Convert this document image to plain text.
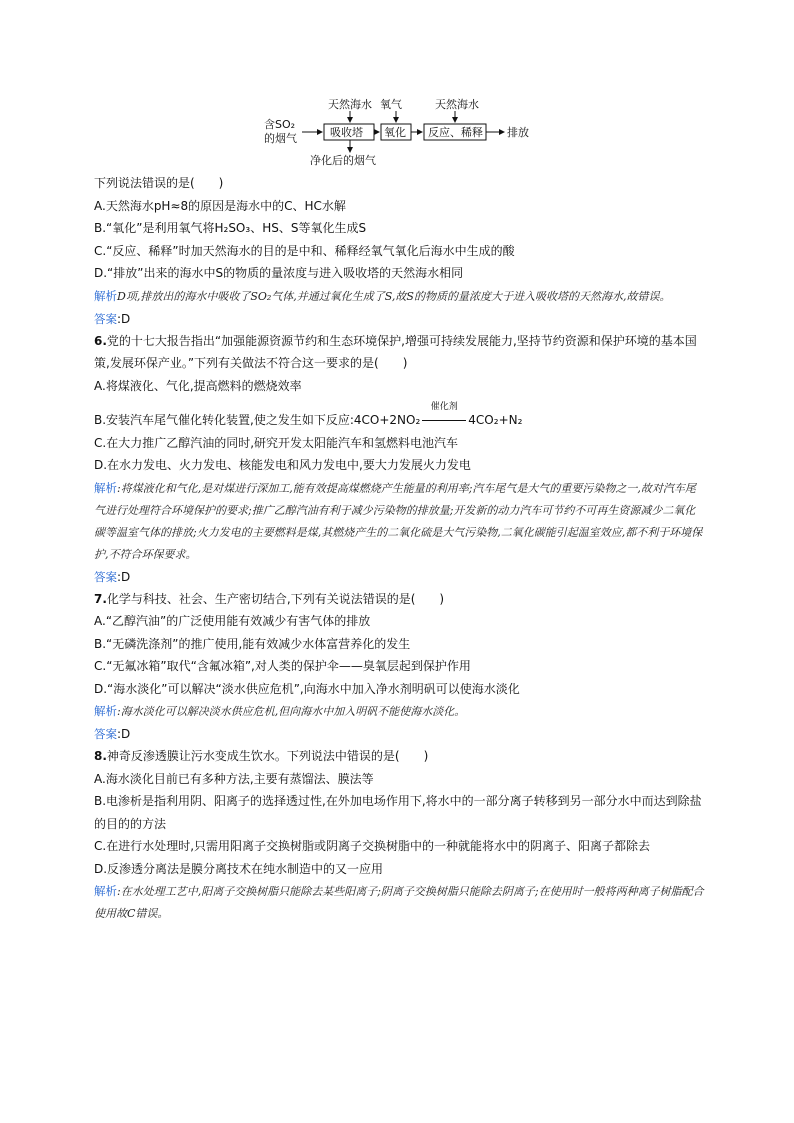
天然海水 氧气	天然海水
含SO₂
的烟气	吸收塔
净化后的烟气
氧化 反应、稀释 排放
下列说法错误的是(　　)
A.天然海水pH≈8的原因是海水中的C、HC水解
B.“氧化”是利用氧气将H₂SO₃、HS、S等氧化生成S
C.“反应、稀释”时加天然海水的目的是中和、稀释经氧气氧化后海水中生成的酸
D.“排放”出来的海水中S的物质的量浓度与进入吸收塔的天然海水相同
解析D项,排放出的海水中吸收了SO₂气体,并通过氧化生成了S,故S的物质的量浓度大于进入吸收塔的天然海水,故错误。
答案:D
6.党的十七大报告指出“加强能源资源节约和生态环境保护,增强可持续发展能力,坚持节约资源和保护环境的基本国策,发展环保产业。”下列有关做法不符合这一要求的是(　　)
A.将煤液化、气化,提高燃料的燃烧效率
B.安装汽车尾气催化转化装置,使之发生如下反应:4CO+2NO₂
催化剂
4CO₂+N₂
C.在大力推广乙醇汽油的同时,研究开发太阳能汽车和氢燃料电池汽车
D.在水力发电、火力发电、核能发电和风力发电中,要大力发展火力发电
解析:将煤液化和气化,是对煤进行深加工,能有效提高煤燃烧产生能量的利用率;汽车尾气是大气的重要污染物之一,故对汽车尾气进行处理符合环境保护的要求;推广乙醇汽油有利于减少污染物的排放量;开发新的动力汽车可节约不可再生资源减少二氧化碳等温室气体的排放;火力发电的主要燃料是煤,其燃烧产生的二氧化硫是大气污染物,二氧化碳能引起温室效应,都不利于环境保护,不符合环保要求。
答案:D
7.化学与科技、社会、生产密切结合,下列有关说法错误的是(　　)
A.“乙醇汽油”的广泛使用能有效减少有害气体的排放
B.“无磷洗涤剂”的推广使用,能有效减少水体富营养化的发生
C.“无氟冰箱”取代“含氟冰箱”,对人类的保护伞——臭氧层起到保护作用
D.“海水淡化”可以解决“淡水供应危机”,向海水中加入净水剂明矾可以使海水淡化
解析:海水淡化可以解决淡水供应危机,但向海水中加入明矾不能使海水淡化。
答案:D
8.神奇反渗透膜让污水变成生饮水。下列说法中错误的是(　　)
A.海水淡化目前已有多种方法,主要有蒸馏法、膜法等
B.电渗析是指利用阴、阳离子的选择透过性,在外加电场作用下,将水中的一部分离子转移到另一部分水中而达到除盐的目的的方法
C.在进行水处理时,只需用阳离子交换树脂或阴离子交换树脂中的一种就能将水中的阴离子、阳离子都除去
D.反渗透分离法是膜分离技术在纯水制造中的又一应用
解析:在水处理工艺中,阳离子交换树脂只能除去某些阳离子;阴离子交换树脂只能除去阴离子;在使用时一般将两种离子树脂配合使用故C错误。
